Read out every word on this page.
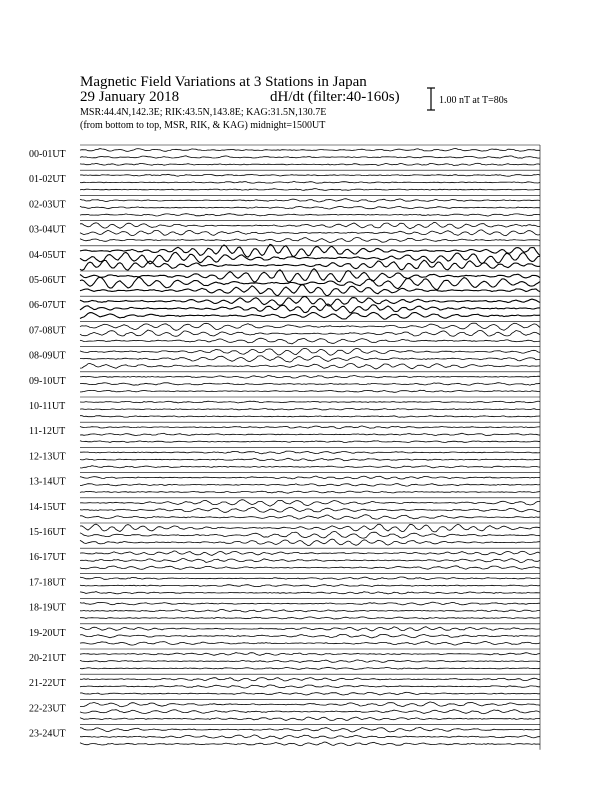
Magnetic Field Variations at 3 Stations in Japan
29 January 2018	dH/dt (filter:40-160s)
MSR:44.4N,142.3E; RIK:43.5N,143.8E; KAG:31.5N,130.7E
(from bottom to top, MSR, RIK, & KAG) midnight=1500UT
1.00 nT at T=80s
00-01UT
01-02UT
02-03UT
03-04UT
04-05UT
05-06UT
06-07UT
07-08UT
08-09UT
09-10UT
10-11UT
11-12UT
12-13UT
13-14UT
14-15UT
15-16UT
16-17UT
17-18UT
18-19UT
19-20UT
20-21UT
21-22UT
22-23UT
23-24UT
